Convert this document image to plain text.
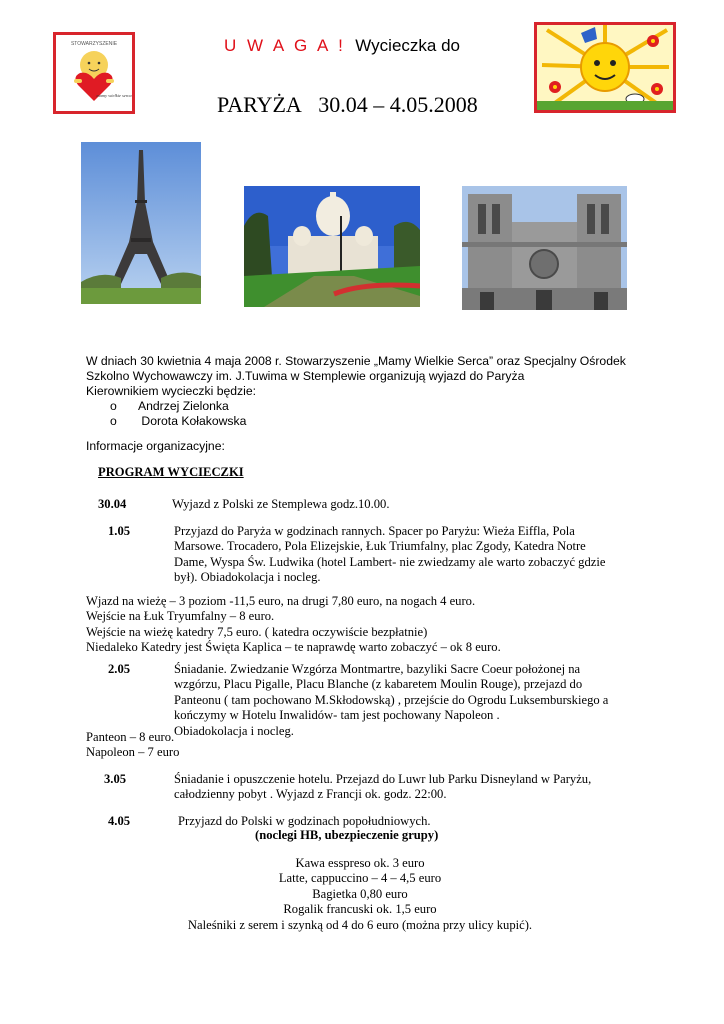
STOWARZYSZENIE
mamy wielkie serca
U W A G A ! Wycieczka do
PARYŻA 30.04 – 4.05.2008
W dniach 30 kwietnia 4 maja 2008 r. Stowarzyszenie „Mamy Wielkie Serca” oraz Specjalny Ośrodek
Szkolno Wychowawczy im. J.Tuwima w Stemplewie organizują wyjazd do Paryża
Kierownikiem wycieczki będzie:
o Andrzej Zielonka
o Dorota Kołakowska
Informacje organizacyjne:
PROGRAM WYCIECZKI
30.04	Wyjazd z Polski ze Stemplewa godz.10.00.
1.05	Przyjazd do Paryża w godzinach rannych. Spacer po Paryżu: Wieża Eiffla, Pola
Marsowe. Trocadero, Pola Elizejskie, Łuk Triumfalny, plac Zgody, Katedra Notre
Dame, Wyspa Św. Ludwika (hotel Lambert- nie zwiedzamy ale warto zobaczyć gdzie
był). Obiadokolacja i nocleg.
Wjazd na wieżę – 3 poziom -11,5 euro, na drugi 7,80 euro, na nogach 4 euro.
Wejście na Łuk Tryumfalny – 8 euro.
Wejście na wieżę katedry 7,5 euro. ( katedra oczywiście bezpłatnie)
Niedaleko Katedry jest Święta Kaplica – te naprawdę warto zobaczyć – ok 8 euro.
2.05	Śniadanie. Zwiedzanie Wzgórza Montmartre, bazyliki Sacre Coeur położonej na
wzgórzu, Placu Pigalle, Placu Blanche (z kabaretem Moulin Rouge), przejazd do
Panteonu ( tam pochowano M.Skłodowską) , przejście do Ogrodu Luksemburskiego a
kończymy w Hotelu Inwalidów- tam jest pochowany Napoleon .
Obiadokolacja i nocleg.
Panteon – 8 euro.
Napoleon – 7 euro
3.05	Śniadanie i opuszczenie hotelu. Przejazd do Luwr lub Parku Disneyland w Paryżu,
całodzienny pobyt . Wyjazd z Francji ok. godz. 22:00.
4.05	Przyjazd do Polski w godzinach popołudniowych.
(noclegi HB, ubezpieczenie grupy)
Kawa esspreso ok. 3 euro
Latte, cappuccino – 4 – 4,5 euro
Bagietka 0,80 euro
Rogalik francuski ok. 1,5 euro
Naleśniki z serem i szynką od 4 do 6 euro (można przy ulicy kupić).
